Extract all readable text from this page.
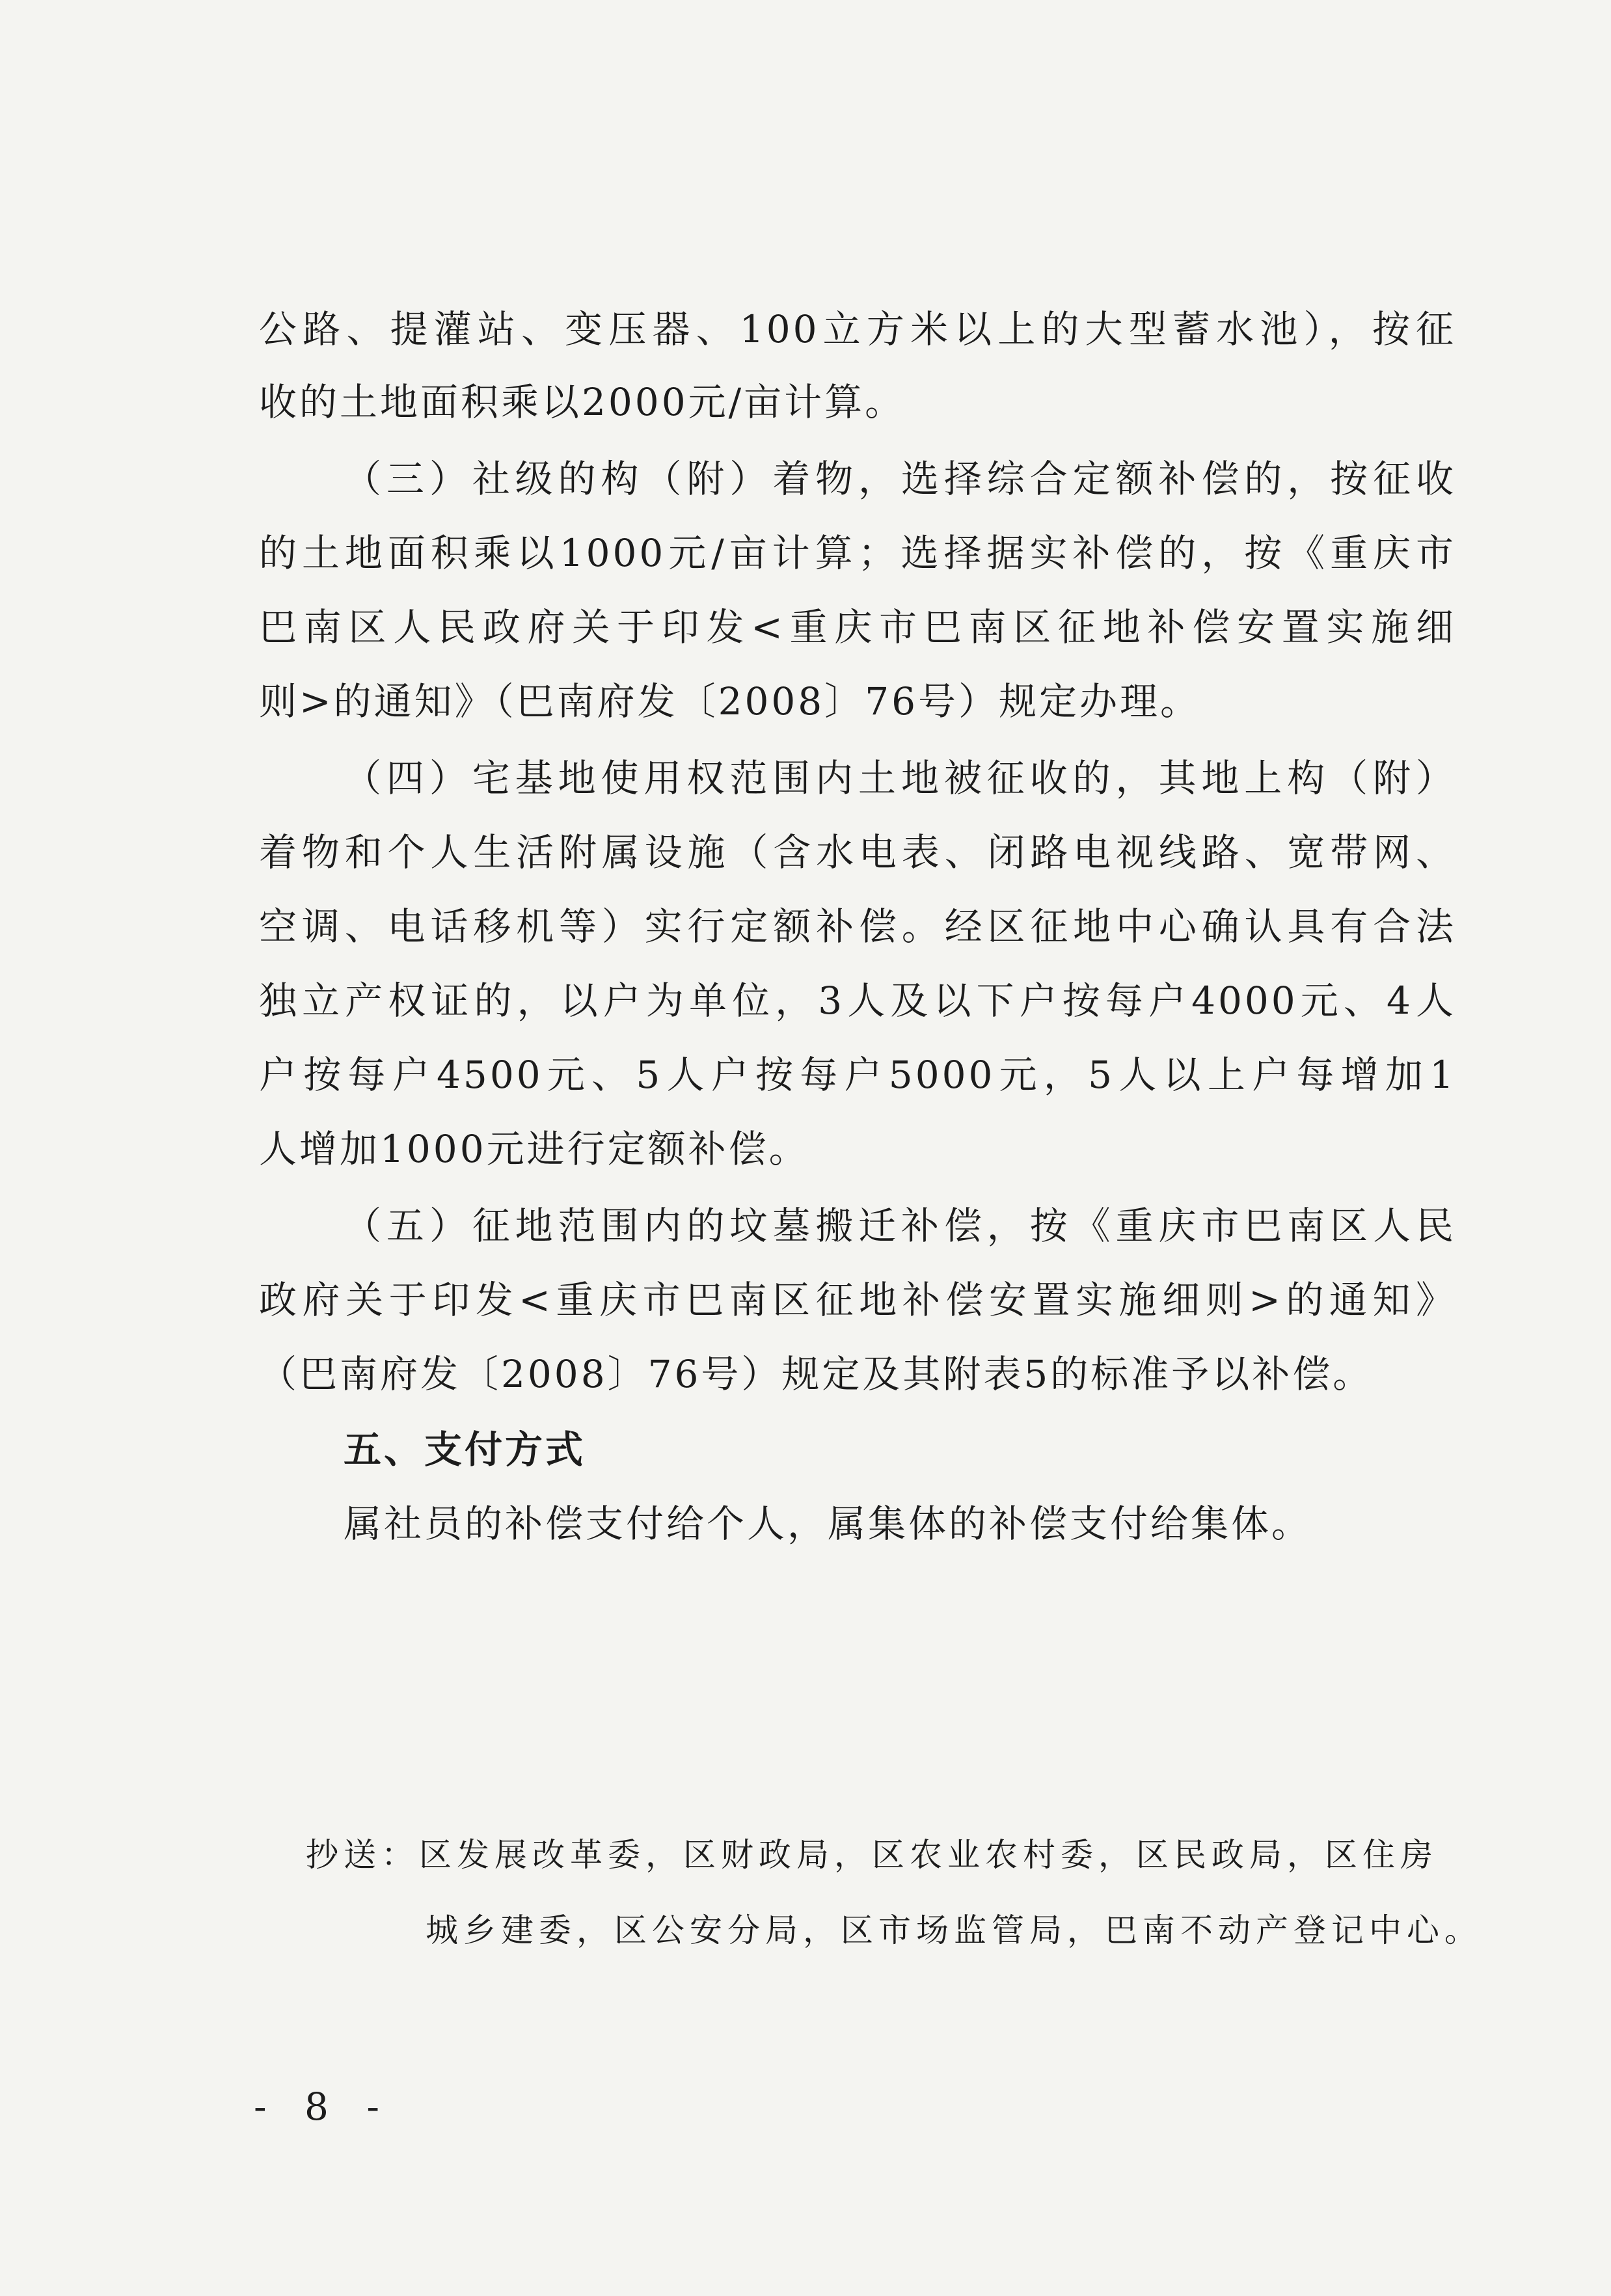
公路、提灌站、变压器、100立方米以上的大型蓄水池），按征
收的土地面积乘以2000元/亩计算。
（三）社级的构（附）着物，选择综合定额补偿的，按征收
的土地面积乘以1000元/亩计算；选择据实补偿的，按《重庆市
巴南区人民政府关于印发<重庆市巴南区征地补偿安置实施细
则>的通知》（巴南府发〔2008〕76号）规定办理。
（四）宅基地使用权范围内土地被征收的，其地上构（附）
着物和个人生活附属设施（含水电表、闭路电视线路、宽带网、
空调、电话移机等）实行定额补偿。经区征地中心确认具有合法
独立产权证的，以户为单位，3人及以下户按每户4000元、4人
户按每户4500元、5人户按每户5000元，5人以上户每增加1
人增加1000元进行定额补偿。
（五）征地范围内的坟墓搬迁补偿，按《重庆市巴南区人民
政府关于印发<重庆市巴南区征地补偿安置实施细则>的通知》
（巴南府发〔2008〕76号）规定及其附表5的标准予以补偿。
五、支付方式
属社员的补偿支付给个人，属集体的补偿支付给集体。
抄送：区发展改革委，区财政局，区农业农村委，区民政局，区住房
城乡建委，区公安分局，区市场监管局，巴南不动产登记中心。
- 8 -
